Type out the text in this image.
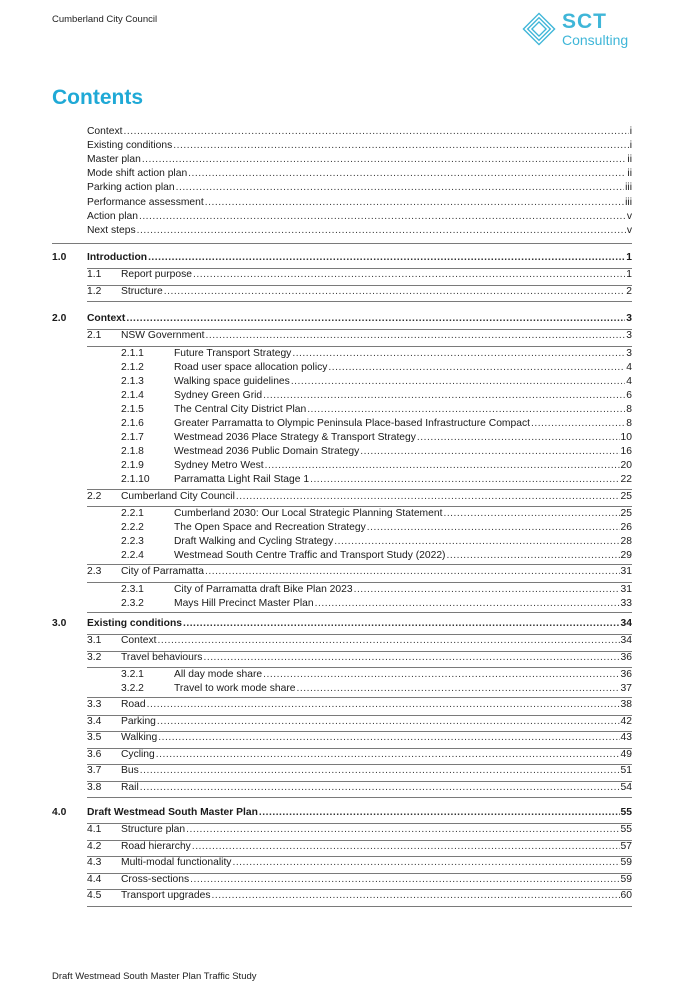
Cumberland City Council	SCT
Consulting
Contents
Context .....	i
Existing conditions .....	i
Master plan .....	ii
Mode shift action plan .....	ii
Parking action plan .....	iii
Performance assessment .....	iii
Action plan .....	v
Next steps .....	v
1.0 Introduction .....	1
1.1 Report purpose .....	1
1.2 Structure .....	2
2.0 Context .....	3
2.1 NSW Government .....	3
2.1.1	Future Transport Strategy .....	3
2.1.2	Road user space allocation policy .....	4
2.1.3	Walking space guidelines .....	4
2.1.4	Sydney Green Grid .....	6
2.1.5	The Central City District Plan .....	8
2.1.6	Greater Parramatta to Olympic Peninsula Place-based Infrastructure Compact .....	8
2.1.7	Westmead 2036 Place Strategy & Transport Strategy .....	10
2.1.8	Westmead 2036 Public Domain Strategy .....	16
2.1.9	Sydney Metro West .....	20
2.1.10 Parramatta Light Rail Stage 1 .....	22
2.2 Cumberland City Council .....	25
2.2.1	Cumberland 2030: Our Local Strategic Planning Statement .....	25
2.2.2	The Open Space and Recreation Strategy .....	26
2.2.3	Draft Walking and Cycling Strategy .....	28
2.2.4	Westmead South Centre Traffic and Transport Study (2022) .....	29
2.3 City of Parramatta .....	31
2.3.1	City of Parramatta draft Bike Plan 2023 .....	31
2.3.2	Mays Hill Precinct Master Plan .....	33
3.0 Existing conditions .....	34
3.1 Context .....	34
3.2 Travel behaviours .....	36
3.2.1	All day mode share .....	36
3.2.2	Travel to work mode share .....	37
3.3 Road .....	38
3.4 Parking .....	42
3.5 Walking .....	43
3.6 Cycling .....	49
3.7 Bus .....	51
3.8 Rail .....	54
4.0 Draft Westmead South Master Plan .....	55
4.1 Structure plan .....	55
4.2 Road hierarchy .....	57
4.3 Multi-modal functionality .....	59
4.4 Cross-sections .....	59
4.5 Transport upgrades .....	60
Draft Westmead South Master Plan Traffic Study
